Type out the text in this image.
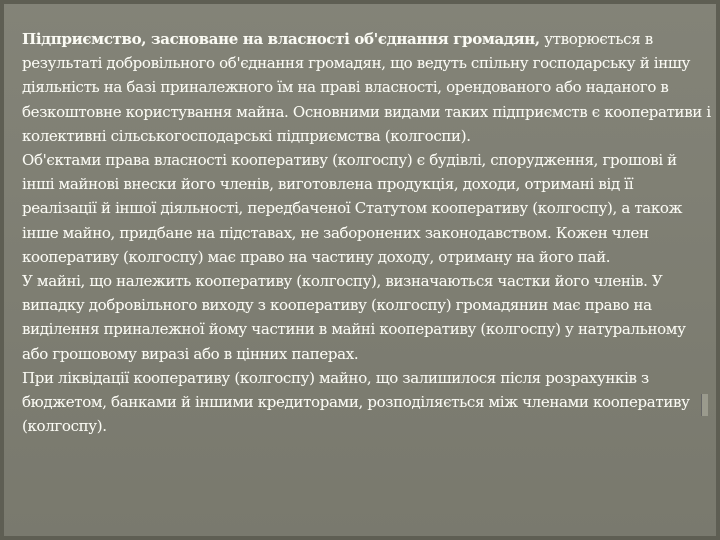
Підприємство, засноване на власності об'єднання громадян, утворюється в результаті добровільного об'єднання громадян, що ведуть спільну господарську й іншу діяльність на базі приналежного їм на праві власності, орендованого або наданого в безкоштовне користування майна. Основними видами таких підприємств є кооперативи і колективні сільськогосподарські підприємства (колгоспи).

Об'єктами права власності кооперативу (колгоспу) є будівлі, спорудження, грошові й інші майнові внески його членів, виготовлена продукція, доходи, отримані від її реалізації й іншої діяльності, передбаченої Статутом кооперативу (колгоспу), а також інше майно, придбане на підставах, не заборонених законодавством. Кожен член кооперативу (колгоспу) має право на частину доходу, отриману на його пай.

У майні, що належить кооперативу (колгоспу), визначаються частки його членів. У випадку добровільного виходу з кооперативу (колгоспу) громадянин має право на виділення приналежної йому частини в майні кооперативу (колгоспу) у натуральному або грошовому виразі або в цінних паперах.

При ліквідації кооперативу (колгоспу) майно, що залишилося після розрахунків з бюджетом, банками й іншими кредиторами, розподіляється між членами кооперативу (колгоспу).
